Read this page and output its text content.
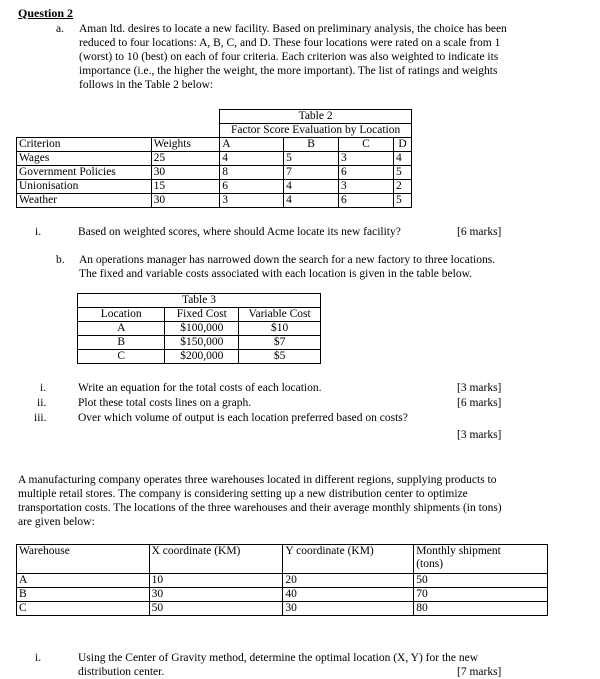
Question 2
a. Aman ltd. desires to locate a new facility. Based on preliminary analysis, the choice has been
reduced to four locations: A, B, C, and D. These four locations were rated on a scale from 1
(worst) to 10 (best) on each of four criteria. Each criterion was also weighted to indicate its
importance (i.e., the higher the weight, the more important). The list of ratings and weights
follows in the Table 2 below:
		Table 2			
		Factor Score Evaluation by Location			
Criterion	Weights	A	B	C	D
Wages	25	4	5	3	4
Government Policies	30	8	7	6	5
Unionisation	15	6	4	3	2
Weather	30	3	4	6	5
i.	Based on weighted scores, where should Acme locate its new facility?	[6 marks]
b. An operations manager has narrowed down the search for a new factory to three locations.
The fixed and variable costs associated with each location is given in the table below.
Table 3		
Location	Fixed Cost	Variable Cost
A	$100,000	$10
B	$150,000	$7
C	$200,000	$5
i.	Write an equation for the total costs of each location.	[3 marks]
ii.	Plot these total costs lines on a graph.	[6 marks]
iii.	Over which volume of output is each location preferred based on costs?
[3 marks]
A manufacturing company operates three warehouses located in different regions, supplying products to
multiple retail stores. The company is considering setting up a new distribution center to optimize
transportation costs. The locations of the three warehouses and their average monthly shipments (in tons)
are given below:
Warehouse	X coordinate (KM)	Y coordinate (KM)	Monthly shipment
(tons)

A	10	20	50
B	30	40	70
C	50	30	80
i.	Using the Center of Gravity method, determine the optimal location (X, Y) for the new
distribution center.	[7 marks]
